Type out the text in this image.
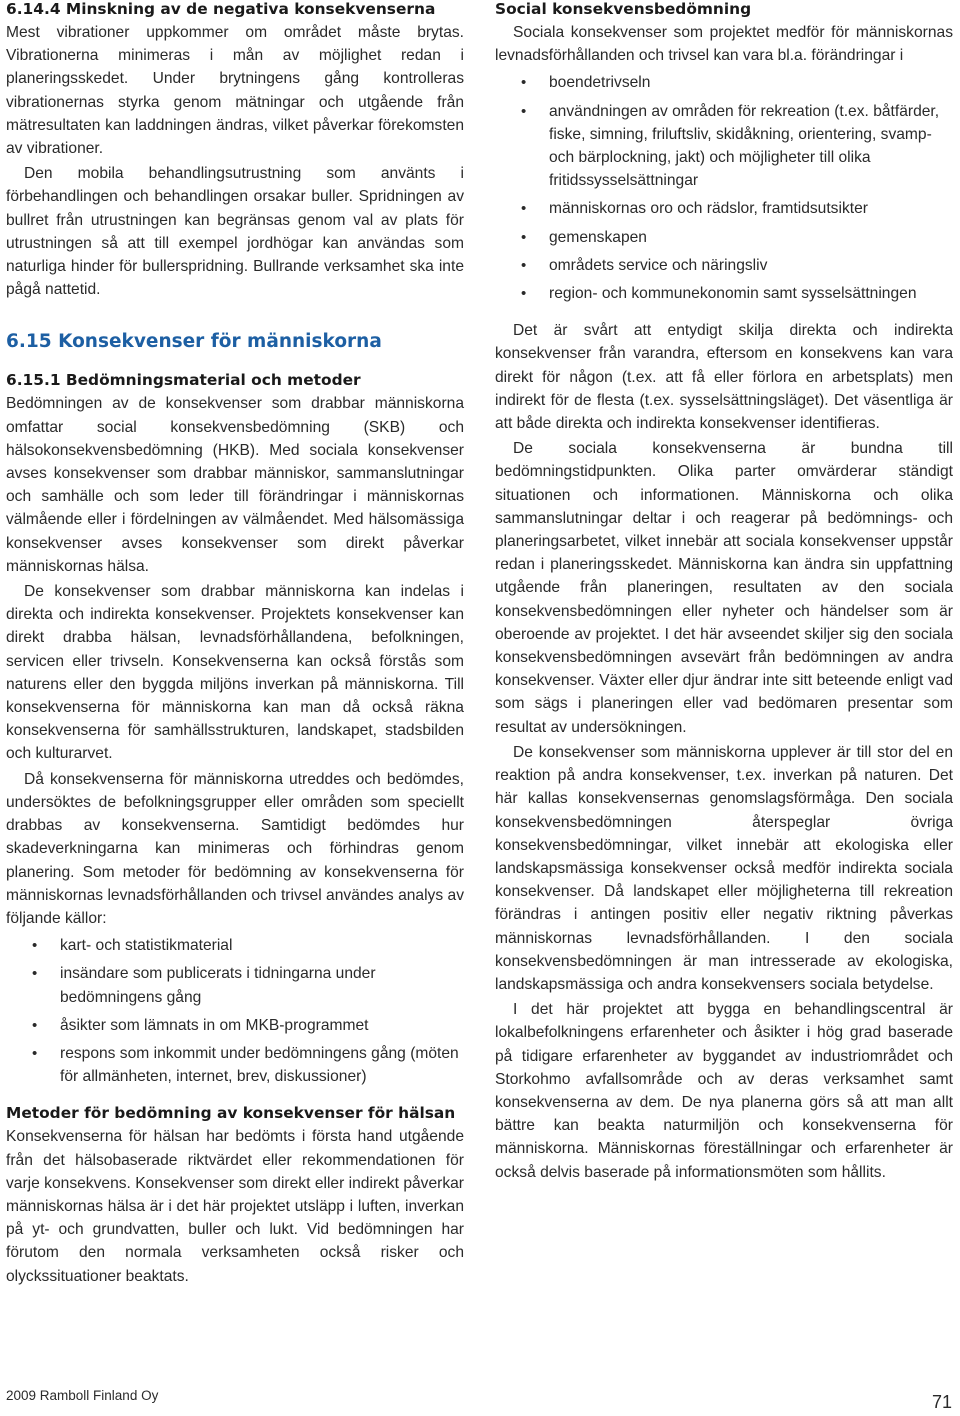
6.14.4 Minskning av de negativa konsekvenserna

Mest vibrationer uppkommer om området måste brytas. Vibrationerna minimeras i mån av möjlighet redan i planeringsskedet. Under brytningens gång kontrolleras vibrationernas styrka genom mätningar och utgående från mätresultaten kan laddningen ändras, vilket påverkar förekomsten av vibrationer.

Den mobila behandlingsutrustning som använts i förbehandlingen och behandlingen orsakar buller. Spridningen av bullret från utrustningen kan begränsas genom val av plats för utrustningen så att till exempel jordhögar kan användas som naturliga hinder för bullerspridning. Bullrande verksamhet ska inte pågå nattetid.

6.15 Konsekvenser för människorna
6.15.1 Bedömningsmaterial och metoder

Bedömningen av de konsekvenser som drabbar människorna omfattar social konsekvensbedömning (SKB) och hälsokonsekvensbedömning (HKB). Med sociala konsekvenser avses konsekvenser som drabbar människor, sammanslutningar och samhälle och som leder till förändringar i människornas välmående eller i fördelningen av välmåendet. Med hälsomässiga konsekvenser avses konsekvenser som direkt påverkar människornas hälsa.

De konsekvenser som drabbar människorna kan indelas i direkta och indirekta konsekvenser. Projektets konsekvenser kan direkt drabba hälsan, levnadsförhållandena, befolkningen, servicen eller trivseln. Konsekvenserna kan också förstås som naturens eller den byggda miljöns inverkan på människorna. Till konsekvenserna för människorna kan man då också räkna konsekvenserna för samhällsstrukturen, landskapet, stadsbilden och kulturarvet.

Då konsekvenserna för människorna utreddes och bedömdes, undersöktes de befolkningsgrupper eller områden som speciellt drabbas av konsekvenserna. Samtidigt bedömdes hur skadeverkningarna kan minimeras och förhindras genom planering. Som metoder för bedömning av konsekvenserna för människornas levnadsförhållanden och trivsel användes analys av följande källor:

• kart- och statistikmaterial
• insändare som publicerats i tidningarna under bedömningens gång
• åsikter som lämnats in om MKB-programmet
• respons som inkommit under bedömningens gång (möten för allmänheten, internet, brev, diskussioner)
Metoder för bedömning av konsekvenser för hälsan

Konsekvenserna för hälsan har bedömts i första hand utgående från det hälsobaserade riktvärdet eller rekommendationen för varje konsekvens. Konsekvenser som direkt eller indirekt påverkar människornas hälsa är i det här projektet utsläpp i luften, inverkan på yt- och grundvatten, buller och lukt. Vid bedömningen har förutom den normala verksamheten också risker och olyckssituationer beaktats.

Social konsekvensbedömning

Sociala konsekvenser som projektet medför för människornas levnadsförhållanden och trivsel kan vara bl.a. förändringar i

• boendetrivseln
• användningen av områden för rekreation (t.ex. båtfärder, fiske, simning, friluftsliv, skidåkning, orientering, svamp- och bärplockning, jakt) och möjligheter till olika fritidssysselsättningar
• människornas oro och rädslor, framtidsutsikter
• gemenskapen
• områdets service och näringsliv
• region- och kommunekonomin samt sysselsättningen

Det är svårt att entydigt skilja direkta och indirekta konsekvenser från varandra, eftersom en konsekvens kan vara direkt för någon (t.ex. att få eller förlora en arbetsplats) men indirekt för de flesta (t.ex. sysselsättningsläget). Det väsentliga är att både direkta och indirekta konsekvenser identifieras.

De sociala konsekvenserna är bundna till bedömningstidpunkten. Olika parter omvärderar ständigt situationen och informationen. Människorna och olika sammanslutningar deltar i och reagerar på bedömnings- och planeringsarbetet, vilket innebär att sociala konsekvenser uppstår redan i planeringsskedet. Människorna kan ändra sin uppfattning utgående från planeringen, resultaten av den sociala konsekvensbedömningen eller nyheter och händelser som är oberoende av projektet. I det här avseendet skiljer sig den sociala konsekvensbedömningen avsevärt från bedömningen av andra konsekvenser. Växter eller djur ändrar inte sitt beteende enligt vad som sägs i planeringen eller vad bedömaren presentar som resultat av undersökningen.

De konsekvenser som människorna upplever är till stor del en reaktion på andra konsekvenser, t.ex. inverkan på naturen. Det här kallas konsekvensernas genomslagsförmåga. Den sociala konsekvensbedömningen återspeglar övriga konsekvensbedömningar, vilket innebär att ekologiska eller landskapsmässiga konsekvenser också medför indirekta sociala konsekvenser. Då landskapet eller möjligheterna till rekreation förändras i antingen positiv eller negativ riktning påverkas människornas levnadsförhållanden. I den sociala konsekvensbedömningen är man intresserade av ekologiska, landskapsmässiga och andra konsekvensers sociala betydelse.

I det här projektet att bygga en behandlingscentral är lokalbefolkningens erfarenheter och åsikter i hög grad baserade på tidigare erfarenheter av byggandet av industriområdet och Storkohmo avfallsområde och av deras verksamhet samt konsekvenserna av dem. De nya planerna görs så att man allt bättre kan beakta naturmiljön och konsekvenserna för människorna. Människornas föreställningar och erfarenheter är också delvis baserade på informationsmöten som hållits.

2009 Ramboll Finland Oy	71
